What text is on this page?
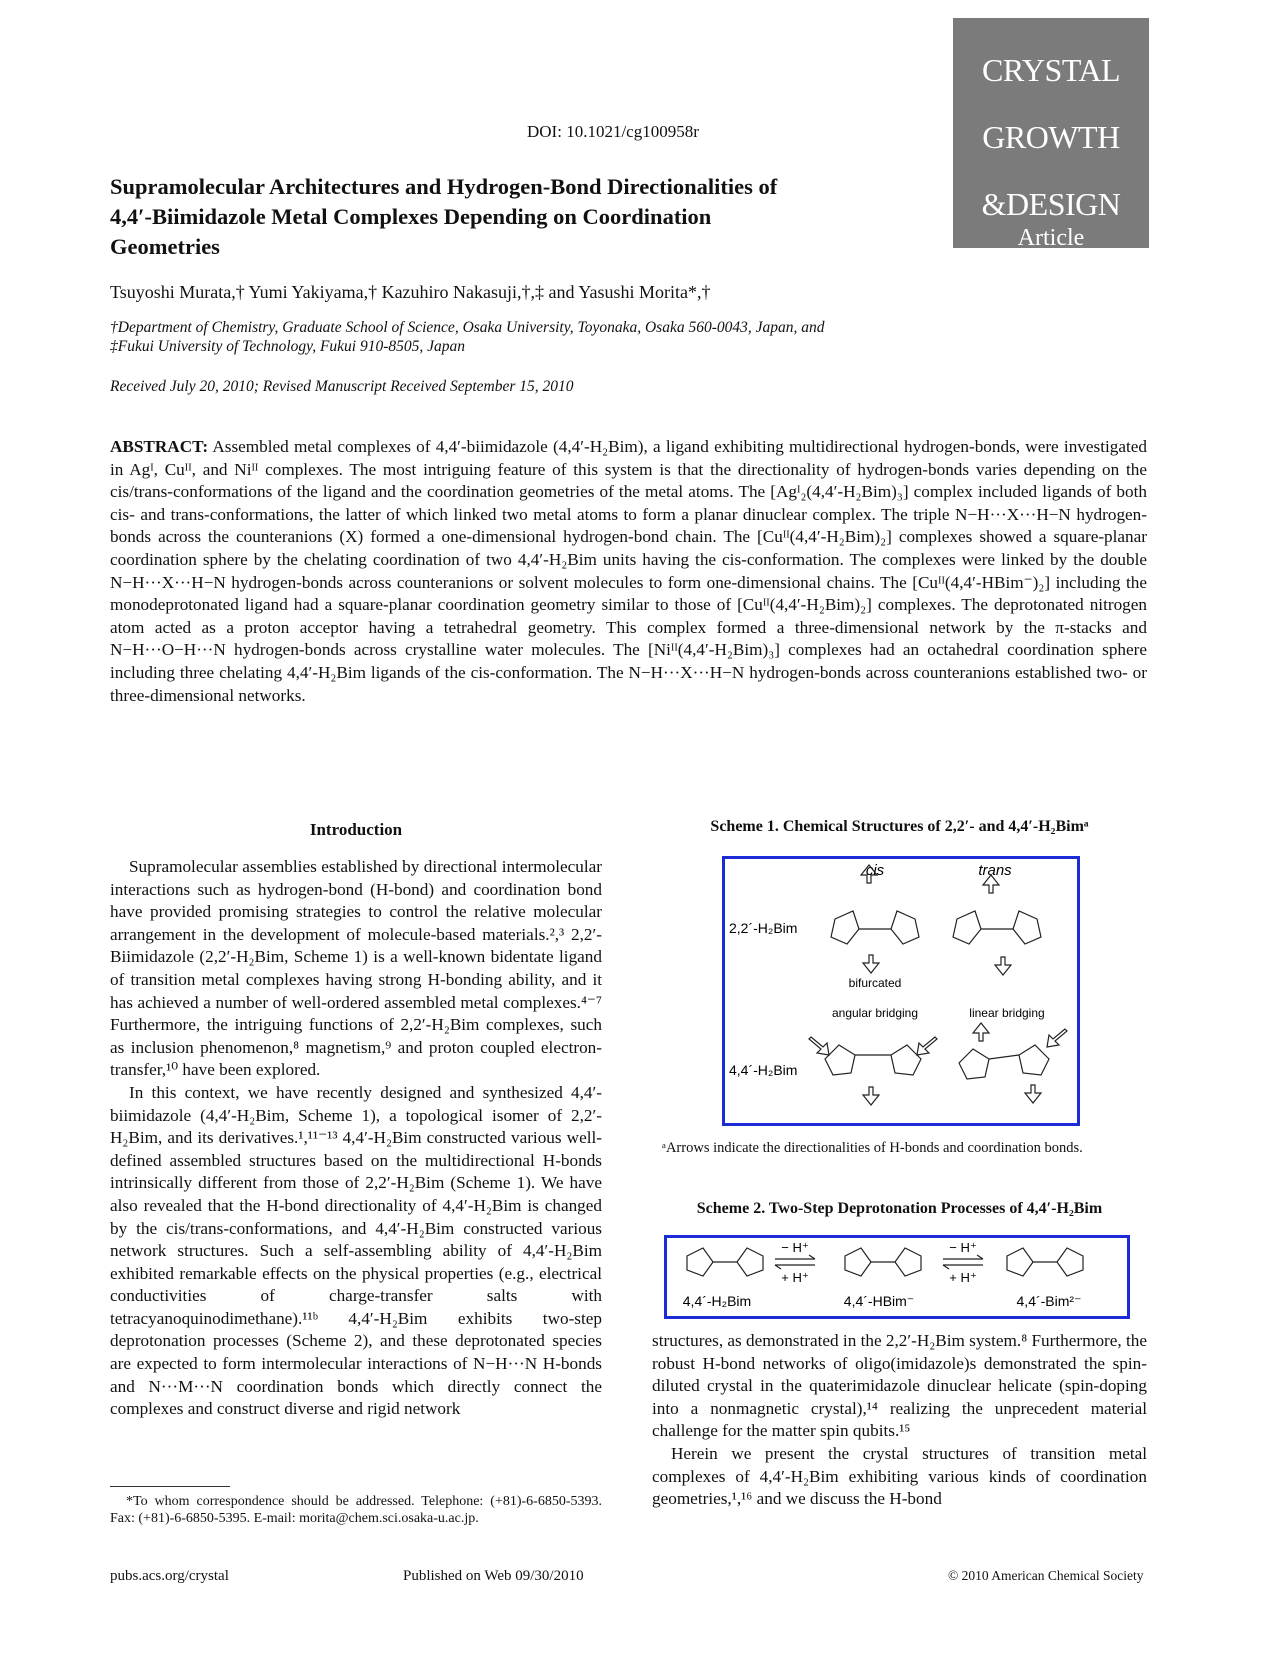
DOI: 10.1021/cg100958r
CRYSTAL
GROWTH
&DESIGN
Article
2010, Vol. 10
4898–4905
Supramolecular Architectures and Hydrogen-Bond Directionalities of 4,4′-Biimidazole Metal Complexes Depending on Coordination Geometries
Tsuyoshi Murata,† Yumi Yakiyama,† Kazuhiro Nakasuji,†,‡ and Yasushi Morita*,†
†Department of Chemistry, Graduate School of Science, Osaka University, Toyonaka, Osaka 560-0043, Japan, and ‡Fukui University of Technology, Fukui 910-8505, Japan
Received July 20, 2010; Revised Manuscript Received September 15, 2010
ABSTRACT: Assembled metal complexes of 4,4′-biimidazole (4,4′-H₂Bim), a ligand exhibiting multidirectional hydrogen-bonds, were investigated in Agᴵ, Cuᴵᴵ, and Niᴵᴵ complexes. The most intriguing feature of this system is that the directionality of hydrogen-bonds varies depending on the cis/trans-conformations of the ligand and the coordination geometries of the metal atoms. The [Agᴵ₂(4,4′-H₂Bim)₃] complex included ligands of both cis- and trans-conformations, the latter of which linked two metal atoms to form a planar dinuclear complex. The triple N−H···X···H−N hydrogen-bonds across the counteranions (X) formed a one-dimensional hydrogen-bond chain. The [Cuᴵᴵ(4,4′-H₂Bim)₂] complexes showed a square-planar coordination sphere by the chelating coordination of two 4,4′-H₂Bim units having the cis-conformation. The complexes were linked by the double N−H···X···H−N hydrogen-bonds across counteranions or solvent molecules to form one-dimensional chains. The [Cuᴵᴵ(4,4′-HBim⁻)₂] including the monodeprotonated ligand had a square-planar coordination geometry similar to those of [Cuᴵᴵ(4,4′-H₂Bim)₂] complexes. The deprotonated nitrogen atom acted as a proton acceptor having a tetrahedral geometry. This complex formed a three-dimensional network by the π-stacks and N−H···O−H···N hydrogen-bonds across crystalline water molecules. The [Niᴵᴵ(4,4′-H₂Bim)₃] complexes had an octahedral coordination sphere including three chelating 4,4′-H₂Bim ligands of the cis-conformation. The N−H···X···H−N hydrogen-bonds across counteranions established two- or three-dimensional networks.
Introduction

Supramolecular assemblies established by directional intermolecular interactions such as hydrogen-bond (H-bond) and coordination bond have provided promising strategies to control the relative molecular arrangement in the development of molecule-based materials.²,³ 2,2′-Biimidazole (2,2′-H₂Bim, Scheme 1) is a well-known bidentate ligand of transition metal complexes having strong H-bonding ability, and it has achieved a number of well-ordered assembled metal complexes.⁴⁻⁷ Furthermore, the intriguing functions of 2,2′-H₂Bim complexes, such as inclusion phenomenon,⁸ magnetism,⁹ and proton coupled electron-transfer,¹⁰ have been explored.

In this context, we have recently designed and synthesized 4,4′-biimidazole (4,4′-H₂Bim, Scheme 1), a topological isomer of 2,2′-H₂Bim, and its derivatives.¹,¹¹⁻¹³ 4,4′-H₂Bim constructed various well-defined assembled structures based on the multidirectional H-bonds intrinsically different from those of 2,2′-H₂Bim (Scheme 1). We have also revealed that the H-bond directionality of 4,4′-H₂Bim is changed by the cis/trans-conformations, and 4,4′-H₂Bim constructed various network structures. Such a self-assembling ability of 4,4′-H₂Bim exhibited remarkable effects on the physical properties (e.g., electrical conductivities of charge-transfer salts with tetracyanoquinodimethane).¹¹ᵇ 4,4′-H₂Bim exhibits two-step deprotonation processes (Scheme 2), and these deprotonated species are expected to form intermolecular interactions of N−H···N H-bonds and N···M···N coordination bonds which directly connect the complexes and construct diverse and rigid network

*To whom correspondence should be addressed. Telephone: (+81)-6-6850-5393. Fax: (+81)-6-6850-5395. E-mail: morita@chem.sci.osaka-u.ac.jp.
Scheme 1. Chemical Structures of 2,2′- and 4,4′-H₂Bimᵃ
cis	trans
2,2´-H₂Bim
4,4´-H₂Bim
bifurcated
angular bridging	linear bridging
ᵃArrows indicate the directionalities of H-bonds and coordination bonds.
Scheme 2. Two-Step Deprotonation Processes of 4,4′-H₂Bim
− H⁺
+ H⁺
− H⁺
+ H⁺
4,4´-H₂Bim	4,4´-HBim⁻	4,4´-Bim²⁻

structures, as demonstrated in the 2,2′-H₂Bim system.⁸ Furthermore, the robust H-bond networks of oligo(imidazole)s demonstrated the spin-diluted crystal in the quaterimidazole dinuclear helicate (spin-doping into a nonmagnetic crystal),¹⁴ realizing the unprecedent material challenge for the matter spin qubits.¹⁵

Herein we present the crystal structures of transition metal complexes of 4,4′-H₂Bim exhibiting various kinds of coordination geometries,¹,¹⁶ and we discuss the H-bond

pubs.acs.org/crystal	Published on Web 09/30/2010	© 2010 American Chemical Society
